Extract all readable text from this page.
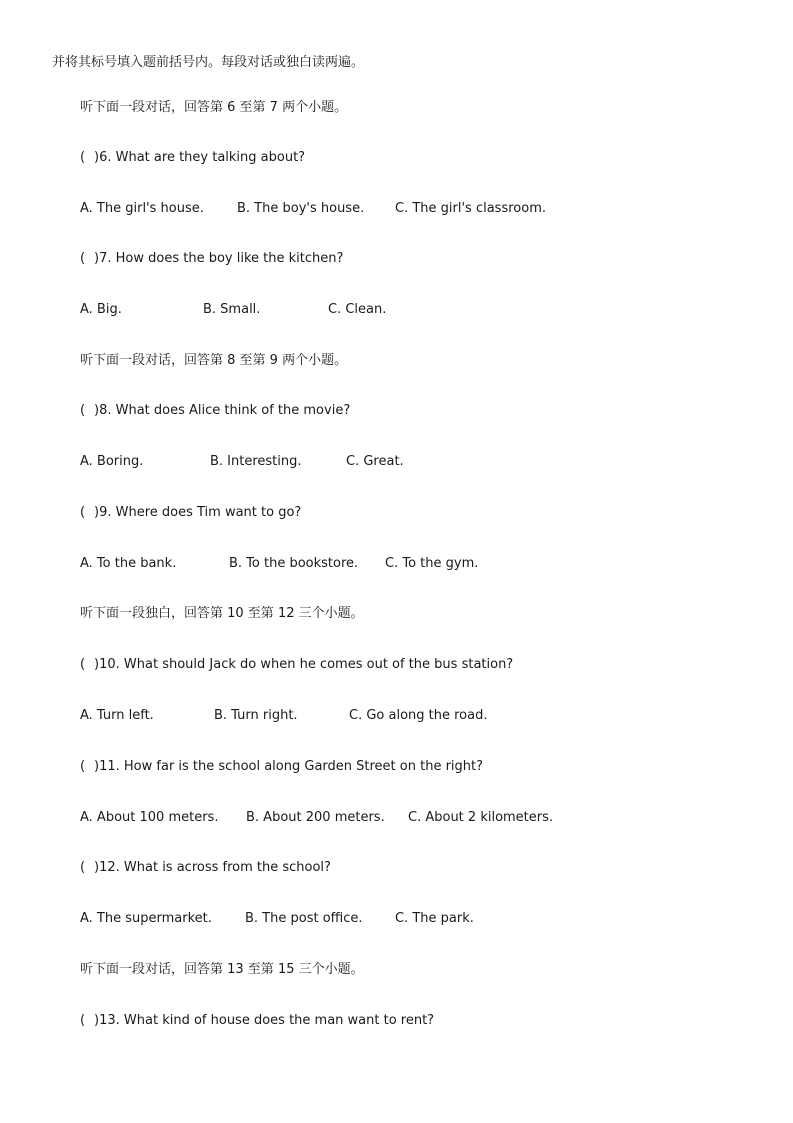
并将其标号填入题前括号内。每段对话或独白读两遍。
听下面一段对话，回答第 6 至第 7 两个小题。
( )6. What are they talking about?
A. The girl's house.	B. The boy's house. C. The girl's classroom.
( )7. How does the boy like the kitchen?
A. Big.	B. Small.	C. Clean.
听下面一段对话，回答第 8 至第 9 两个小题。
( )8. What does Alice think of the movie?
A. Boring.	B. Interesting.	C. Great.
( )9. Where does Tim want to go?
A. To the bank.	B. To the bookstore. C. To the gym.
听下面一段独白，回答第 10 至第 12 三个小题。
( )10. What should Jack do when he comes out of the bus station?
A. Turn left.	B. Turn right.	C. Go along the road.
( )11. How far is the school along Garden Street on the right?
A. About 100 meters. B. About 200 meters. C. About 2 kilometers.
( )12. What is across from the school?
A. The supermarket.	B. The post office. C. The park.
听下面一段对话，回答第 13 至第 15 三个小题。
( )13. What kind of house does the man want to rent?
